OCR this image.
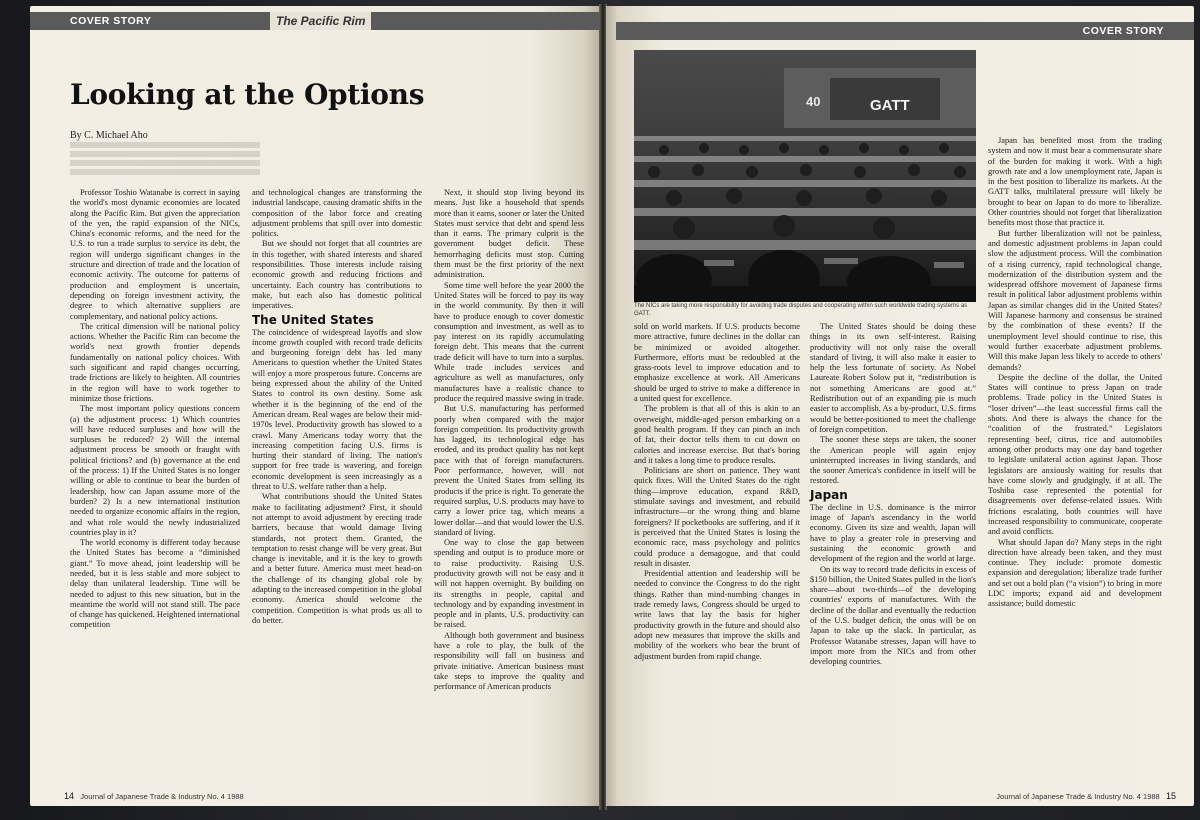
COVER STORY	The Pacific Rim
Looking at the Options
By C. Michael Aho

Professor Toshio Watanabe is correct in saying the world's most dynamic economies are located along the Pacific Rim. But given the appreciation of the yen, the rapid expansion of the NICs, China's economic reforms, and the need for the U.S. to run a trade surplus to service its debt, the region will undergo significant changes in the structure and direction of trade and the location of economic activity. The outcome for patterns of production and employment is uncertain, depending on foreign investment activity, the degree to which alternative suppliers are complementary, and national policy actions.

The critical dimension will be national policy actions. Whether the Pacific Rim can become the world's next growth frontier depends fundamentally on national policy choices. With such significant and rapid changes occurring, trade frictions are likely to heighten. All countries in the region will have to work together to minimize those frictions.

The most important policy questions concern (a) the adjustment process: 1) Which countries will have reduced surpluses and how will the surpluses be reduced? 2) Will the internal adjustment process be smooth or fraught with political frictions? and (b) governance at the end of the process: 1) If the United States is no longer willing or able to continue to bear the burden of leadership, how can Japan assume more of the burden? 2) Is a new international institution needed to organize economic affairs in the region, and what role would the newly industrialized countries play in it?

The world economy is different today because the United States has become a “diminished giant.” To move ahead, joint leadership will be needed, but it is less stable and more subject to delay than unilateral leadership. Time will be needed to adjust to this new situation, but in the meantime the world will not stand still. The pace of change has quickened. Heightened international competition

and technological changes are transforming the industrial landscape, causing dramatic shifts in the composition of the labor force and creating adjustment problems that spill over into domestic politics.

But we should not forget that all countries are in this together, with shared interests and shared responsibilities. Those interests include raising economic growth and reducing frictions and uncertainty. Each country has contributions to make, but each also has domestic political imperatives.

The United States

The coincidence of widespread layoffs and slow income growth coupled with record trade deficits and burgeoning foreign debt has led many Americans to question whether the United States will enjoy a more prosperous future. Concerns are being expressed about the ability of the United States to control its own destiny. Some ask whether it is the beginning of the end of the American dream. Real wages are below their mid-1970s level. Productivity growth has slowed to a crawl. Many Americans today worry that the increasing competition facing U.S. firms is hurting their standard of living. The nation's support for free trade is wavering, and foreign economic development is seen increasingly as a threat to U.S. welfare rather than a help.

What contributions should the United States make to facilitating adjustment? First, it should not attempt to avoid adjustment by erecting trade barriers, because that would damage living standards, not protect them. Granted, the temptation to resist change will be very great. But change is inevitable, and it is the key to growth and a better future. America must meet head-on the challenge of its changing global role by adapting to the increased competition in the global economy. America should welcome the competition. Competition is what prods us all to do better.

Next, it should stop living beyond its means. Just like a household that spends more than it earns, sooner or later the United States must service that debt and spend less than it earns. The primary culprit is the government budget deficit. These hemorrhaging deficits must stop. Cutting them must be the first priority of the next administration.

Some time well before the year 2000 the United States will be forced to pay its way in the world community. By then it will have to produce enough to cover domestic consumption and investment, as well as to pay interest on its rapidly accumulating foreign debt. This means that the current trade deficit will have to turn into a surplus. While trade includes services and agriculture as well as manufactures, only manufactures have a realistic chance to produce the required massive swing in trade.

But U.S. manufacturing has performed poorly when compared with the major foreign competition. Its productivity growth has lagged, its technological edge has eroded, and its product quality has not kept pace with that of foreign manufacturers. Poor performance, however, will not prevent the United States from selling its products if the price is right. To generate the required surplus, U.S. products may have to carry a lower price tag, which means a lower dollar—and that would lower the U.S. standard of living.

One way to close the gap between spending and output is to produce more or to raise productivity. Raising U.S. productivity growth will not be easy and it will not happen overnight. By building on its strengths in people, capital and technology and by expanding investment in people and in plants, U.S. productivity can be raised.

Although both government and business have a role to play, the bulk of the responsibility will fall on business and private initiative. American business must take steps to improve the quality and performance of American products

14 Journal of Japanese Trade & Industry No. 4 1988
COVER STORY
40	GATT
The NICs are taking more responsibility for avoiding trade disputes and cooperating within such worldwide trading systems as GATT.

sold on world markets. If U.S. products become more attractive, future declines in the dollar can be minimized or avoided altogether. Furthermore, efforts must be redoubled at the grass-roots level to improve education and to emphasize excellence at work. All Americans should be urged to strive to make a difference in a united quest for excellence.

The problem is that all of this is akin to an overweight, middle-aged person embarking on a good health program. If they can pinch an inch of fat, their doctor tells them to cut down on calories and increase exercise. But that's boring and it takes a long time to produce results.

Politicians are short on patience. They want quick fixes. Will the United States do the right thing—improve education, expand R&D, stimulate savings and investment, and rebuild infrastructure—or the wrong thing and blame foreigners? If pocketbooks are suffering, and if it is perceived that the United States is losing the economic race, mass psychology and politics could produce a demagogue, and that could result in disaster.

Presidential attention and leadership will be needed to convince the Congress to do the right things. Rather than mind-numbing changes in trade remedy laws, Congress should be urged to write laws that lay the basis for higher productivity growth in the future and should also adopt new measures that improve the skills and mobility of the workers who bear the brunt of adjustment burden from rapid change.

The United States should be doing these things in its own self-interest. Raising productivity will not only raise the overall standard of living, it will also make it easier to help the less fortunate of society. As Nobel Laureate Robert Solow put it, “redistribution is not something Americans are good at.” Redistribution out of an expanding pie is much easier to accomplish. As a by-product, U.S. firms would be better-positioned to meet the challenge of foreign competition.

The sooner these steps are taken, the sooner the American people will again enjoy uninterrupted increases in living standards, and the sooner America's confidence in itself will be restored.

Japan

The decline in U.S. dominance is the mirror image of Japan's ascendancy in the world economy. Given its size and wealth, Japan will have to play a greater role in preserving and sustaining the economic growth and development of the region and the world at large.

On its way to record trade deficits in excess of $150 billion, the United States pulled in the lion's share—about two-thirds—of the developing countries' exports of manufactures. With the decline of the dollar and eventually the reduction of the U.S. budget deficit, the onus will be on Japan to take up the slack. In particular, as Professor Watanabe stresses, Japan will have to import more from the NICs and from other developing countries.

Japan has benefited most from the trading system and now it must bear a commensurate share of the burden for making it work. With a high growth rate and a low unemployment rate, Japan is in the best position to liberalize its markets. At the GATT talks, multilateral pressure will likely be brought to bear on Japan to do more to liberalize. Other countries should not forget that liberalization benefits most those that practice it.

But further liberalization will not be painless, and domestic adjustment problems in Japan could slow the adjustment process. Will the combination of a rising currency, rapid technological change, modernization of the distribution system and the widespread offshore movement of Japanese firms result in political labor adjustment problems within Japan as similar changes did in the United States? Will Japanese harmony and consensus be strained by the combination of these events? If the unemployment level should continue to rise, this would further exacerbate adjustment problems. Will this make Japan less likely to accede to others' demands?

Despite the decline of the dollar, the United States will continue to press Japan on trade problems. Trade policy in the United States is “loser driven”—the least successful firms call the shots. And there is always the chance for the “coalition of the frustrated.” Legislators representing beef, citrus, rice and automobiles among other products may one day band together to legislate unilateral action against Japan. Those legislators are anxiously waiting for results that have come slowly and grudgingly, if at all. The Toshiba case represented the potential for disagreements over defense-related issues. With frictions escalating, both countries will have increased responsibility to communicate, cooperate and avoid conflicts.

What should Japan do? Many steps in the right direction have already been taken, and they must continue. They include: promote domestic expansion and deregulation; liberalize trade further and set out a bold plan (“a vision”) to bring in more LDC imports; expand aid and development assistance; build domestic

Journal of Japanese Trade & Industry No. 4 1988 15
